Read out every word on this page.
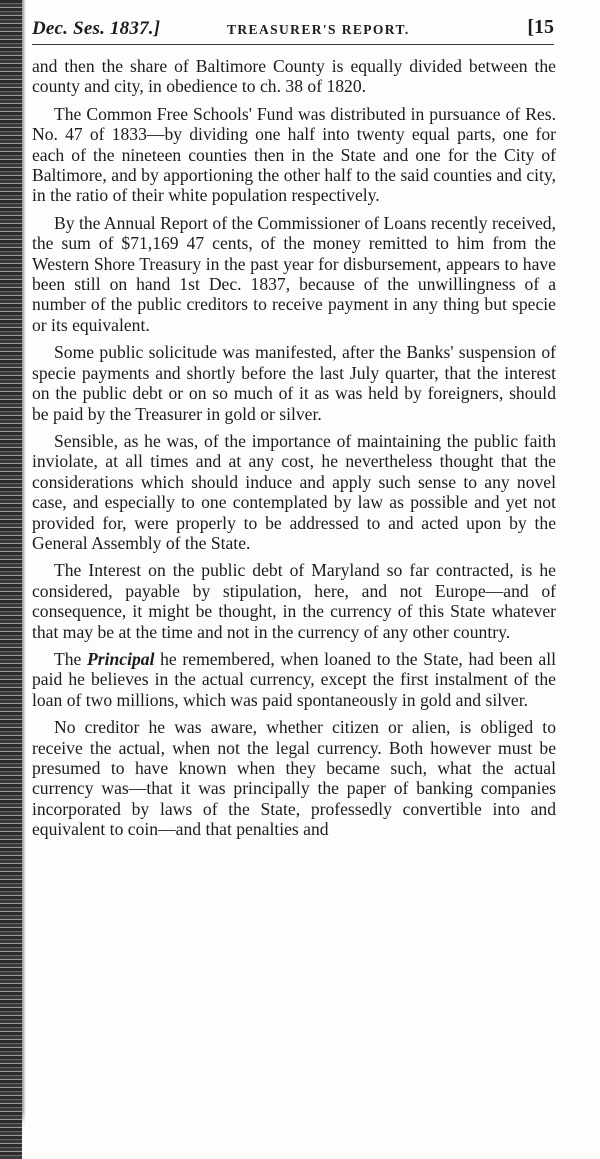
Dec. Ses. 1837.]	TREASURER'S REPORT.	[15

and then the share of Baltimore County is equally divided between the county and city, in obedience to ch. 38 of 1820.

The Common Free Schools' Fund was distributed in pursuance of Res. No. 47 of 1833—by dividing one half into twenty equal parts, one for each of the nineteen counties then in the State and one for the City of Baltimore, and by apportioning the other half to the said counties and city, in the ratio of their white population respectively.

By the Annual Report of the Commissioner of Loans recently received, the sum of $71,169 47 cents, of the money remitted to him from the Western Shore Treasury in the past year for disbursement, appears to have been still on hand 1st Dec. 1837, because of the unwillingness of a number of the public creditors to receive payment in any thing but specie or its equivalent.

Some public solicitude was manifested, after the Banks' suspension of specie payments and shortly before the last July quarter, that the interest on the public debt or on so much of it as was held by foreigners, should be paid by the Treasurer in gold or silver.

Sensible, as he was, of the importance of maintaining the public faith inviolate, at all times and at any cost, he nevertheless thought that the considerations which should induce and apply such sense to any novel case, and especially to one contemplated by law as possible and yet not provided for, were properly to be addressed to and acted upon by the General Assembly of the State.

The Interest on the public debt of Maryland so far contracted, is he considered, payable by stipulation, here, and not Europe—and of consequence, it might be thought, in the currency of this State whatever that may be at the time and not in the currency of any other country.

The Principal he remembered, when loaned to the State, had been all paid he believes in the actual currency, except the first instalment of the loan of two millions, which was paid spontaneously in gold and silver.

No creditor he was aware, whether citizen or alien, is obliged to receive the actual, when not the legal currency. Both however must be presumed to have known when they became such, what the actual currency was—that it was principally the paper of banking companies incorporated by laws of the State, professedly convertible into and equivalent to coin—and that penalties and
